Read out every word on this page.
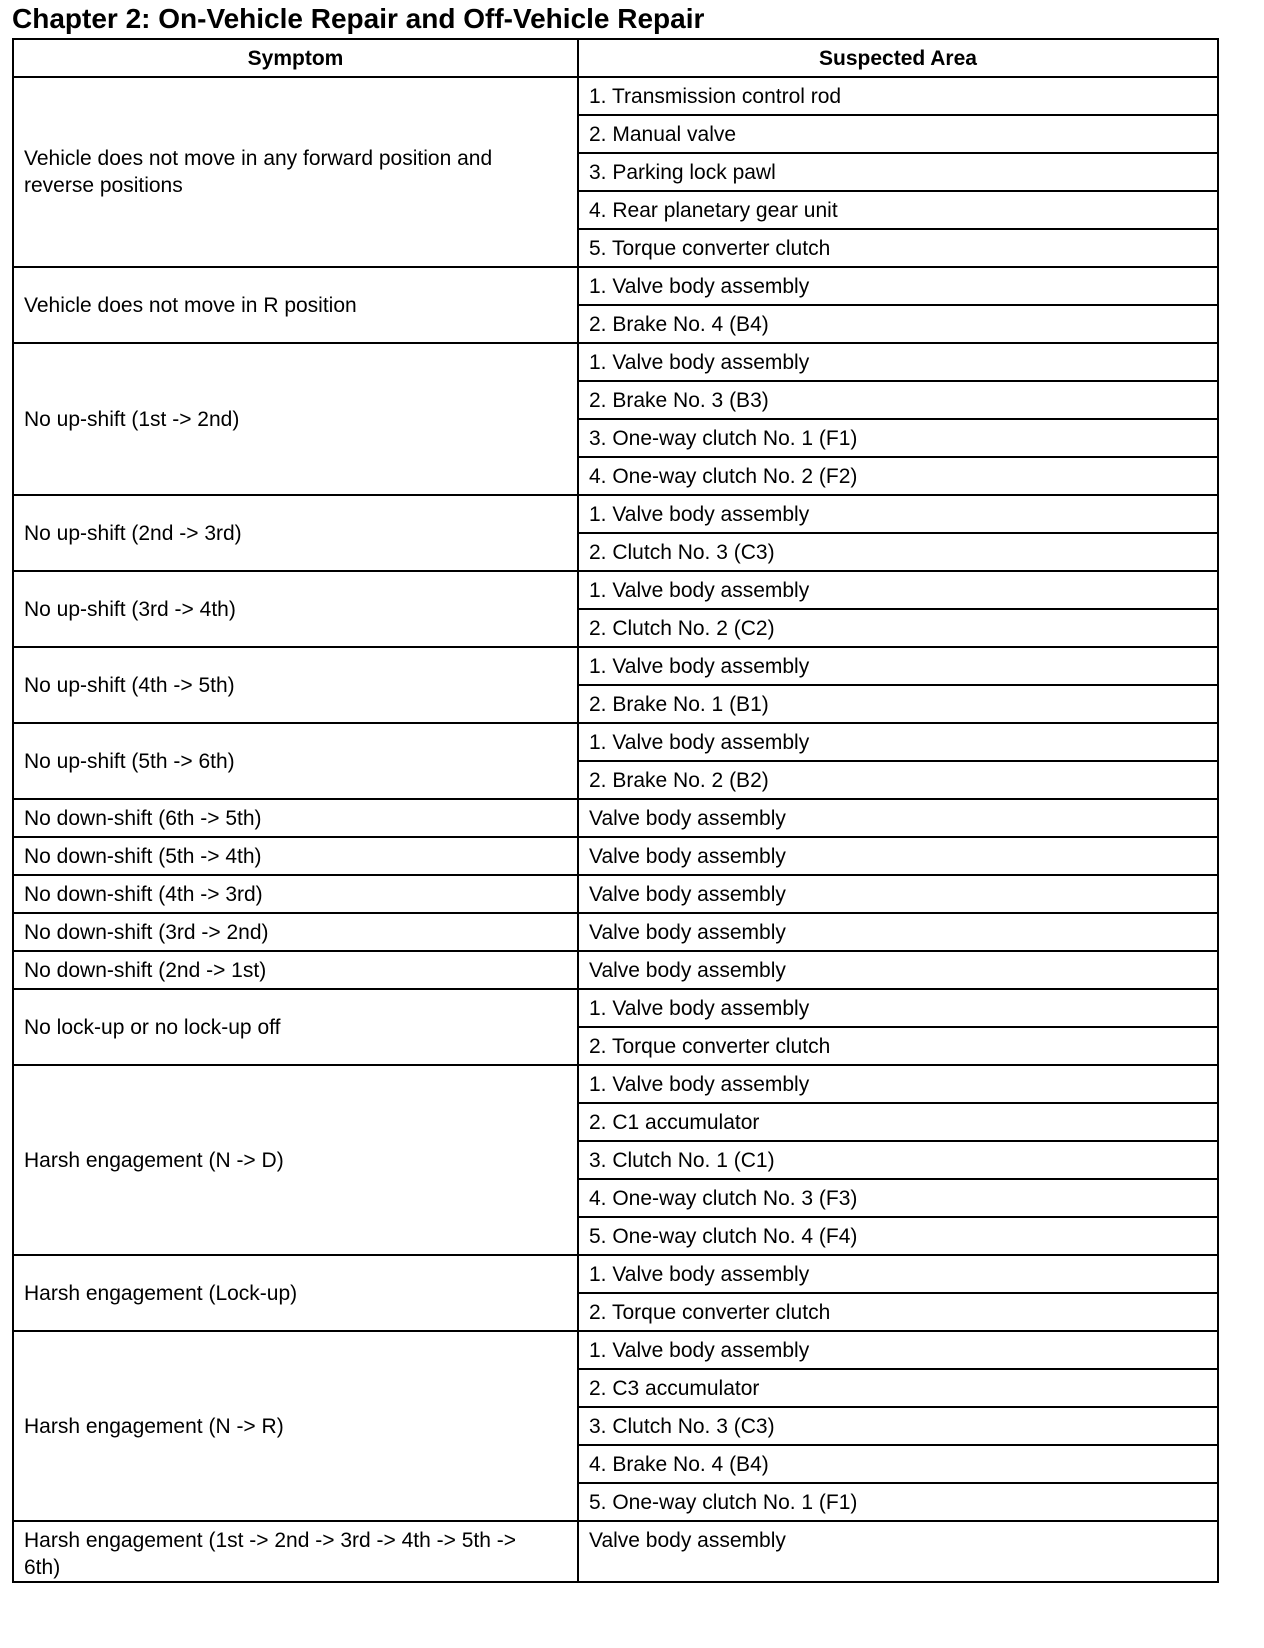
Chapter 2: On-Vehicle Repair and Off-Vehicle Repair
Symptom	Suspected Area
Vehicle does not move in any forward position and reverse positions	1. Transmission control rod
	2. Manual valve
	3. Parking lock pawl
	4. Rear planetary gear unit
	5. Torque converter clutch
Vehicle does not move in R position	1. Valve body assembly
	2. Brake No. 4 (B4)
No up-shift (1st -> 2nd)	1. Valve body assembly
	2. Brake No. 3 (B3)
	3. One-way clutch No. 1 (F1)
	4. One-way clutch No. 2 (F2)
No up-shift (2nd -> 3rd)	1. Valve body assembly
	2. Clutch No. 3 (C3)
No up-shift (3rd -> 4th)	1. Valve body assembly
	2. Clutch No. 2 (C2)
No up-shift (4th -> 5th)	1. Valve body assembly
	2. Brake No. 1 (B1)
No up-shift (5th -> 6th)	1. Valve body assembly
	2. Brake No. 2 (B2)
No down-shift (6th -> 5th)	Valve body assembly
No down-shift (5th -> 4th)	Valve body assembly
No down-shift (4th -> 3rd)	Valve body assembly
No down-shift (3rd -> 2nd)	Valve body assembly
No down-shift (2nd -> 1st)	Valve body assembly
No lock-up or no lock-up off	1. Valve body assembly
	2. Torque converter clutch
Harsh engagement (N -> D)	1. Valve body assembly
	2. C1 accumulator
	3. Clutch No. 1 (C1)
	4. One-way clutch No. 3 (F3)
	5. One-way clutch No. 4 (F4)
Harsh engagement (Lock-up)	1. Valve body assembly
	2. Torque converter clutch
Harsh engagement (N -> R)	1. Valve body assembly
	2. C3 accumulator
	3. Clutch No. 3 (C3)
	4. Brake No. 4 (B4)
	5. One-way clutch No. 1 (F1)
Harsh engagement (1st -> 2nd -> 3rd -> 4th -> 5th -> 6th)	Valve body assembly
